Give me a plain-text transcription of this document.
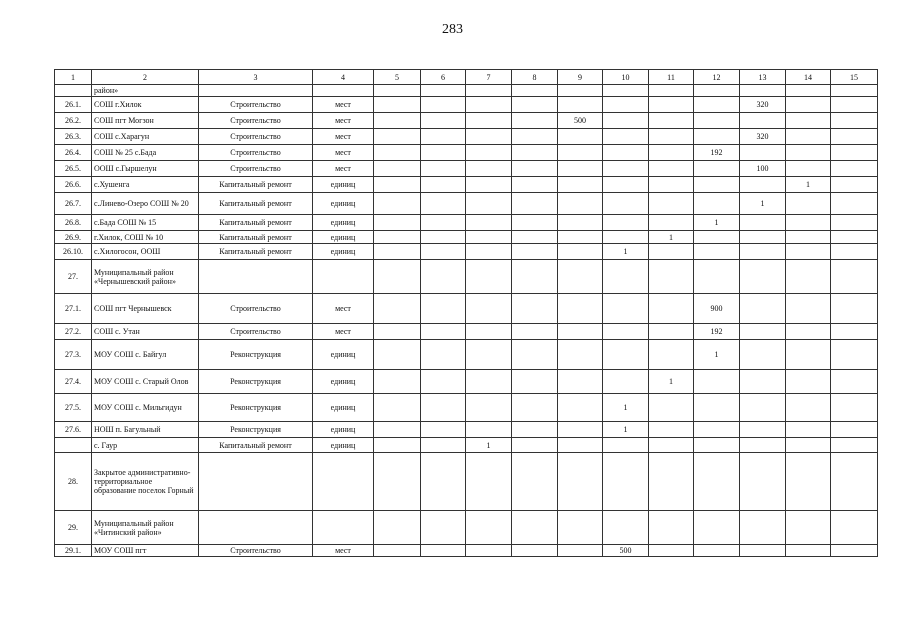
283
1	2	3	4	5	6	7	8	9	10	11	12	13	14	15
	район»													
26.1.	СОШ г.Хилок	Строительство	мест									320		
26.2.	СОШ пгт Могзон	Строительство	мест					500						
26.3.	СОШ с.Харагун	Строительство	мест									320		
26.4.	СОШ № 25 с.Бада	Строительство	мест								192			
26.5.	ООШ с.Гыршелун	Строительство	мест									100		
26.6.	с.Хушенга	Капитальный ремонт	единиц										1	
26.7.	с.Линево-Озеро СОШ № 20	Капитальный ремонт	единиц									1		
26.8.	с.Бада СОШ № 15	Капитальный ремонт	единиц								1			
26.9.	г.Хилок, СОШ № 10	Капитальный ремонт	единиц							1				
26.10.	с.Хилогосон, ООШ	Капитальный ремонт	единиц						1					
27.	Муниципальный район «Чернышевский район»													
27.1.	СОШ пгт Чернышевск	Строительство	мест								900			
27.2.	СОШ с. Утан	Строительство	мест								192			
27.3.	МОУ СОШ с. Байгул	Реконструкция	единиц								1			
27.4.	МОУ СОШ с. Старый Олов	Реконструкция	единиц							1				
27.5.	МОУ СОШ с. Мильгидун	Реконструкция	единиц						1					
27.6.	НОШ п. Багульный	Реконструкция	единиц						1					
	с. Гаур	Капитальный ремонт	единиц			1								
28.	Закрытое административно-территориальное образование поселок Горный													
29.	Муниципальный район «Читинский район»													
29.1.	МОУ СОШ пгт	Строительство	мест						500					
